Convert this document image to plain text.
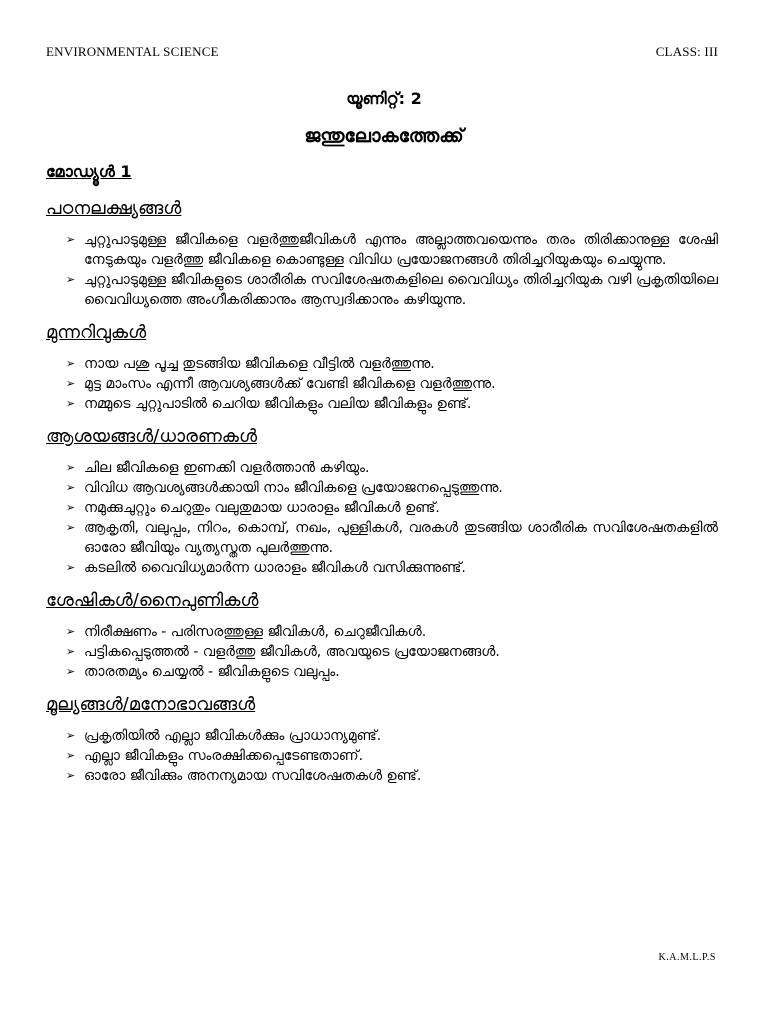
ENVIRONMENTAL SCIENCE	CLASS: III
യൂണിറ്റ്: 2
ജന്തുലോകത്തേക്ക്
മോഡ്യൂൾ 1
പഠനലക്ഷ്യങ്ങൾ
➢ ചുറ്റുപാടുമുള്ള ജീവികളെ വളർത്തുജീവികൾ എന്നും അല്ലാത്തവയെന്നും തരം തിരിക്കാനുള്ള ശേഷി നേടുകയും വളർത്തു ജീവികളെ കൊണ്ടുള്ള വിവിധ പ്രയോജനങ്ങൾ തിരിച്ചറിയുകയും ചെയ്യുന്നു.
➢ ചുറ്റുപാടുമുള്ള ജീവികളുടെ ശാരീരിക സവിശേഷതകളിലെ വൈവിധ്യം തിരിച്ചറിയുക വഴി പ്രകൃതിയിലെ വൈവിധ്യത്തെ അംഗീകരിക്കാനും ആസ്വദിക്കാനും കഴിയുന്നു.
മുന്നറിവുകൾ
➢ നായ പശു പൂച്ച തുടങ്ങിയ ജീവികളെ വീട്ടിൽ വളർത്തുന്നു.
➢ മുട്ട മാംസം എന്നീ ആവശ്യങ്ങൾക്ക് വേണ്ടി ജീവികളെ വളർത്തുന്നു.
➢ നമ്മുടെ ചുറ്റുപാടിൽ ചെറിയ ജീവികളും വലിയ ജീവികളും ഉണ്ട്.
ആശയങ്ങൾ/ധാരണകൾ
➢ ചില ജീവികളെ ഇണക്കി വളർത്താൻ കഴിയും.
➢ വിവിധ ആവശ്യങ്ങൾക്കായി നാം ജീവികളെ പ്രയോജനപ്പെടുത്തുന്നു.
➢ നമുക്കുചുറ്റും ചെറുതും വലുതുമായ ധാരാളം ജീവികൾ ഉണ്ട്.
➢ ആകൃതി, വലുപ്പം, നിറം, കൊമ്പ്, നഖം, പുള്ളികൾ, വരകൾ തുടങ്ങിയ ശാരീരിക സവിശേഷതകളിൽ ഓരോ ജീവിയും വ്യത്യസ്തത പുലർത്തുന്നു.
➢ കടലിൽ വൈവിധ്യമാർന്ന ധാരാളം ജീവികൾ വസിക്കുന്നുണ്ട്.
ശേഷികൾ/നൈപുണികൾ
➢ നിരീക്ഷണം - പരിസരത്തുള്ള ജീവികൾ, ചെറുജീവികൾ.
➢ പട്ടികപ്പെടുത്തൽ - വളർത്തു ജീവികൾ, അവയുടെ പ്രയോജനങ്ങൾ.
➢ താരതമ്യം ചെയ്യൽ - ജീവികളുടെ വലുപ്പം.
മൂല്യങ്ങൾ/മനോഭാവങ്ങൾ
➢ പ്രകൃതിയിൽ എല്ലാ ജീവികൾക്കും പ്രാധാന്യമുണ്ട്.
➢ എല്ലാ ജീവികളും സംരക്ഷിക്കപ്പെടേണ്ടതാണ്.
➢ ഓരോ ജീവിക്കും അനന്യമായ സവിശേഷതകൾ ഉണ്ട്.
K.A.M.L.P.S
